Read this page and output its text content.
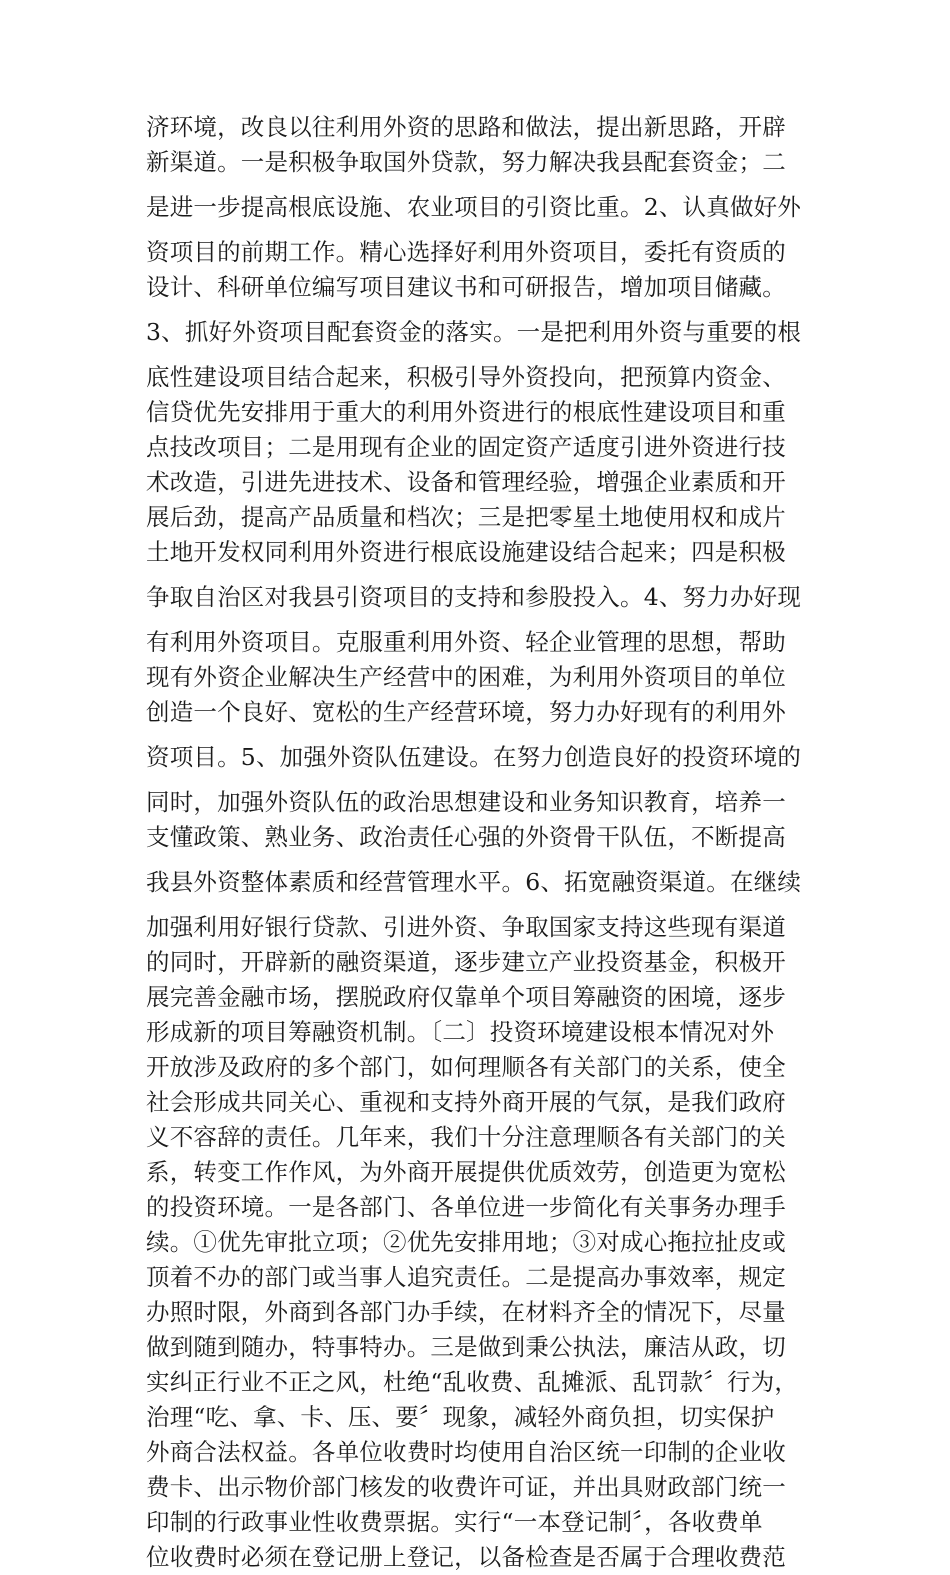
济环境，改良以往利用外资的思路和做法，提出新思路，开辟
新渠道。一是积极争取国外贷款，努力解决我县配套资金；二
是进一步提高根底设施、农业项目的引资比重。2、认真做好外
资项目的前期工作。精心选择好利用外资项目，委托有资质的
设计、科研单位编写项目建议书和可研报告，增加项目储藏。
3、抓好外资项目配套资金的落实。一是把利用外资与重要的根
底性建设项目结合起来，积极引导外资投向，把预算内资金、
信贷优先安排用于重大的利用外资进行的根底性建设项目和重
点技改项目；二是用现有企业的固定资产适度引进外资进行技
术改造，引进先进技术、设备和管理经验，增强企业素质和开
展后劲，提高产品质量和档次；三是把零星土地使用权和成片
土地开发权同利用外资进行根底设施建设结合起来；四是积极
争取自治区对我县引资项目的支持和参股投入。4、努力办好现
有利用外资项目。克服重利用外资、轻企业管理的思想，帮助
现有外资企业解决生产经营中的困难，为利用外资项目的单位
创造一个良好、宽松的生产经营环境，努力办好现有的利用外
资项目。5、加强外资队伍建设。在努力创造良好的投资环境的
同时，加强外资队伍的政治思想建设和业务知识教育，培养一
支懂政策、熟业务、政治责任心强的外资骨干队伍，不断提高
我县外资整体素质和经营管理水平。6、拓宽融资渠道。在继续
加强利用好银行贷款、引进外资、争取国家支持这些现有渠道
的同时，开辟新的融资渠道，逐步建立产业投资基金，积极开
展完善金融市场，摆脱政府仅靠单个项目筹融资的困境，逐步
形成新的项目筹融资机制。〔二〕投资环境建设根本情况对外
开放涉及政府的多个部门，如何理顺各有关部门的关系，使全
社会形成共同关心、重视和支持外商开展的气氛，是我们政府
义不容辞的责任。几年来，我们十分注意理顺各有关部门的关
系，转变工作作风，为外商开展提供优质效劳，创造更为宽松
的投资环境。一是各部门、各单位进一步简化有关事务办理手
续。①优先审批立项；②优先安排用地；③对成心拖拉扯皮或
顶着不办的部门或当事人追究责任。二是提高办事效率，规定
办照时限，外商到各部门办手续，在材料齐全的情况下，尽量
做到随到随办，特事特办。三是做到秉公执法，廉洁从政，切
实纠正行业不正之风，杜绝“乱收费、乱摊派、乱罚款〞行为，
治理“吃、拿、卡、压、要〞现象，减轻外商负担，切实保护
外商合法权益。各单位收费时均使用自治区统一印制的企业收
费卡、出示物价部门核发的收费许可证，并出具财政部门统一
印制的行政事业性收费票据。实行“一本登记制〞，各收费单
位收费时必须在登记册上登记，以备检查是否属于合理收费范
